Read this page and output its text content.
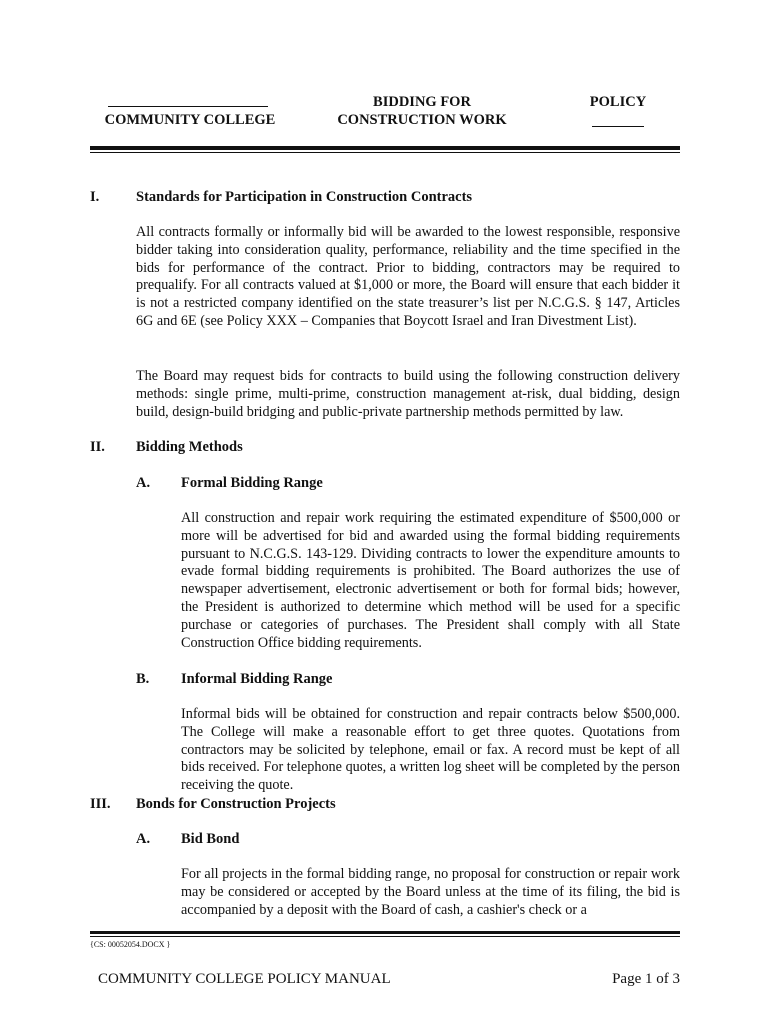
COMMUNITY COLLEGE
BIDDING FOR
CONSTRUCTION WORK
POLICY
I.	Standards for Participation in Construction Contracts

All contracts formally or informally bid will be awarded to the lowest responsible, responsive bidder taking into consideration quality, performance, reliability and the time specified in the bids for performance of the contract. Prior to bidding, contractors may be required to prequalify. For all contracts valued at $1,000 or more, the Board will ensure that each bidder it is not a restricted company identified on the state treasurer’s list per N.C.G.S. § 147, Articles 6G and 6E (see Policy XXX – Companies that Boycott Israel and Iran Divestment List).

The Board may request bids for contracts to build using the following construction delivery methods: single prime, multi-prime, construction management at-risk, dual bidding, design build, design-build bridging and public-private partnership methods permitted by law.

II. Bidding Methods
A. Formal Bidding Range

All construction and repair work requiring the estimated expenditure of $500,000 or more will be advertised for bid and awarded using the formal bidding requirements pursuant to N.C.G.S. 143-129. Dividing contracts to lower the expenditure amounts to evade formal bidding requirements is prohibited. The Board authorizes the use of newspaper advertisement, electronic advertisement or both for formal bids; however, the President is authorized to determine which method will be used for a specific purchase or categories of purchases. The President shall comply with all State Construction Office bidding requirements.

B. Informal Bidding Range

Informal bids will be obtained for construction and repair contracts below $500,000. The College will make a reasonable effort to get three quotes. Quotations from contractors may be solicited by telephone, email or fax. A record must be kept of all bids received. For telephone quotes, a written log sheet will be completed by the person receiving the quote.

III. Bonds for Construction Projects
A. Bid Bond

For all projects in the formal bidding range, no proposal for construction or repair work may be considered or accepted by the Board unless at the time of its filing, the bid is accompanied by a deposit with the Board of cash, a cashier's check or a

{CS: 00052054.DOCX }
COMMUNITY COLLEGE POLICY MANUAL	Page 1 of 3
